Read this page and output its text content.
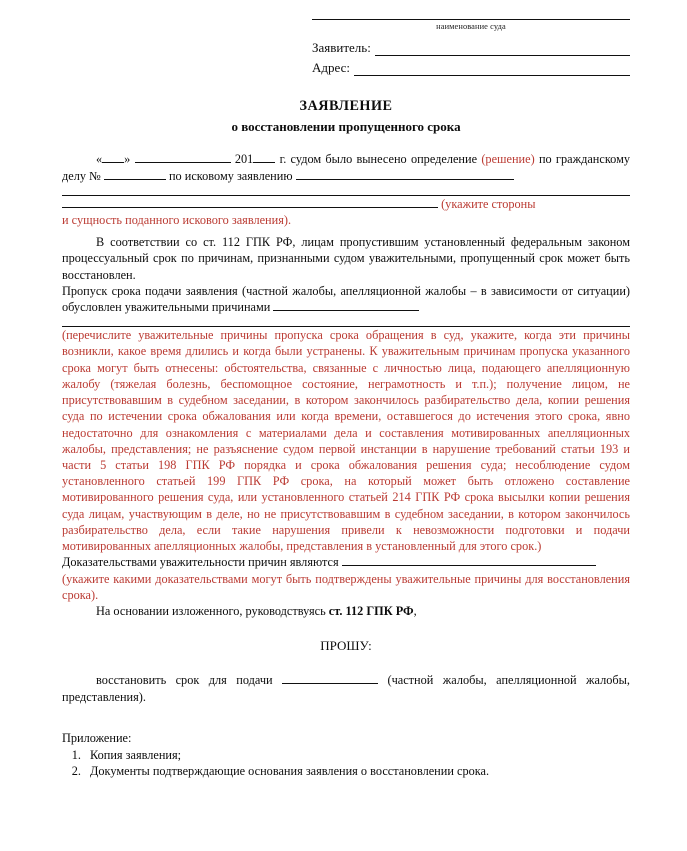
наименование суда
Заявитель:
Адрес:
ЗАЯВЛЕНИЕ
о восстановлении пропущенного срока

« »	201 г. судом было вынесено определение (решение) по гражданскому делу №	по исковому заявлению

(укажите стороны

и сущность поданного искового заявления).

В соответствии со ст. 112 ГПК РФ, лицам пропустившим установленный федеральным законом процессуальный срок по причинам, признанными судом уважительными, пропущенный срок может быть восстановлен.

Пропуск срока подачи заявления (частной жалобы, апелляционной жалобы – в зависимости от ситуации) обусловлен уважительными причинами

(перечислите уважительные причины пропуска срока обращения в суд, укажите, когда эти причины возникли, какое время длились и когда были устранены. К уважительным причинам пропуска указанного срока могут быть отнесены: обстоятельства, связанные с личностью лица, подающего апелляционную жалобу (тяжелая болезнь, беспомощное состояние, неграмотность и т.п.); получение лицом, не присутствовавшим в судебном заседании, в котором закончилось разбирательство дела, копии решения суда по истечении срока обжалования или когда времени, оставшегося до истечения этого срока, явно недостаточно для ознакомления с материалами дела и составления мотивированных апелляционных жалобы, представления; не разъяснение судом первой инстанции в нарушение требований статьи 193 и части 5 статьи 198 ГПК РФ порядка и срока обжалования решения суда; несоблюдение судом установленного статьей 199 ГПК РФ срока, на который может быть отложено составление мотивированного решения суда, или установленного статьей 214 ГПК РФ срока высылки копии решения суда лицам, участвующим в деле, но не присутствовавшим в судебном заседании, в котором закончилось разбирательство дела, если такие нарушения привели к невозможности подготовки и подачи мотивированных апелляционных жалобы, представления в установленный для этого срок.)

Доказательствами уважительности причин являются

(укажите какими доказательствами могут быть подтверждены уважительные причины для восстановления срока).

На основании изложенного, руководствуясь ст. 112 ГПК РФ,

ПРОШУ:

восстановить срок для подачи	(частной жалобы, апелляционной жалобы, представления).

Приложение:

1. Копия заявления;
2. Документы подтверждающие основания заявления о восстановлении срока.
